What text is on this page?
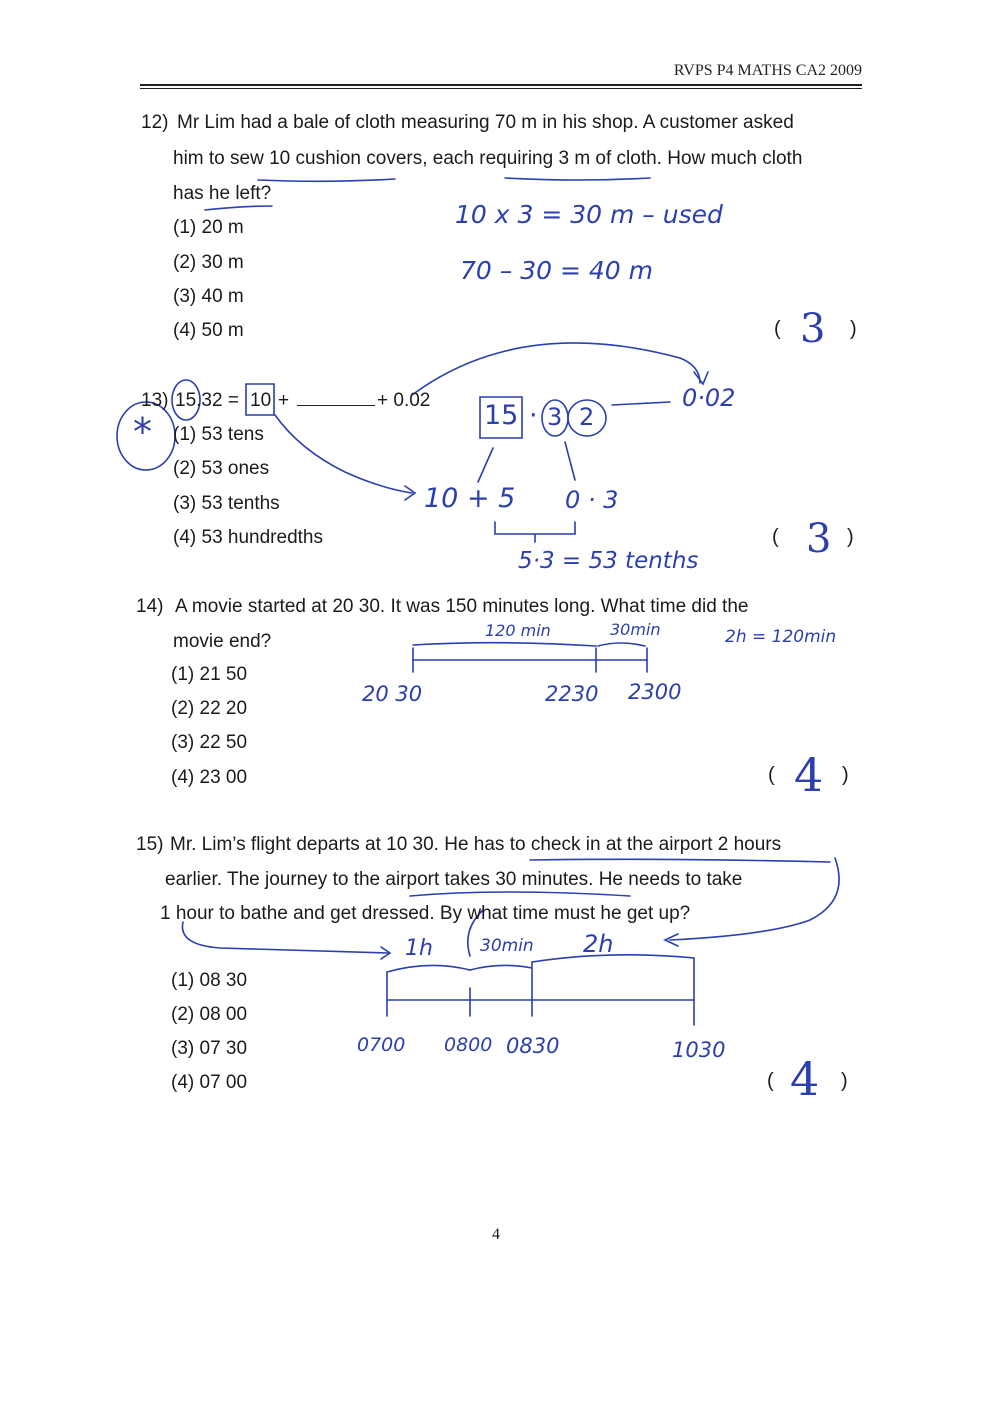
RVPS P4 MATHS CA2 2009
12) Mr Lim had a bale of cloth measuring 70 m in his shop. A customer asked
him to sew 10 cushion covers, each requiring 3 m of cloth. How much cloth
has he left?
(1) 20 m
(2) 30 m
(3) 40 m
(4) 50 m
10 x 3 = 30 m – used
70 – 30 = 40 m
( 3 )
13) 15.32 = 10 +	+ 0.02
(1) 53 tens
(2) 53 ones
(3) 53 tenths
(4) 53 hundredths
*	15 · 3 2
0·02
10 + 5 0 · 3
5·3 = 53 tenths
( 3 )
14) A movie started at 20 30. It was 150 minutes long. What time did the
movie end?
(1) 21 50
(2) 22 20
(3) 22 50
(4) 23 00
120 min	30min	2h = 120min
20 30	2230 2300
( 4 )
15) Mr. Lim’s flight departs at 10 30. He has to check in at the airport 2 hours
earlier. The journey to the airport takes 30 minutes. He needs to take
1 hour to bathe and get dressed. By what time must he get up?
(1) 08 30
(2) 08 00
(3) 07 30
(4) 07 00
1h	30min 2h
0700 0800 0830	1030
( 4 )
4
